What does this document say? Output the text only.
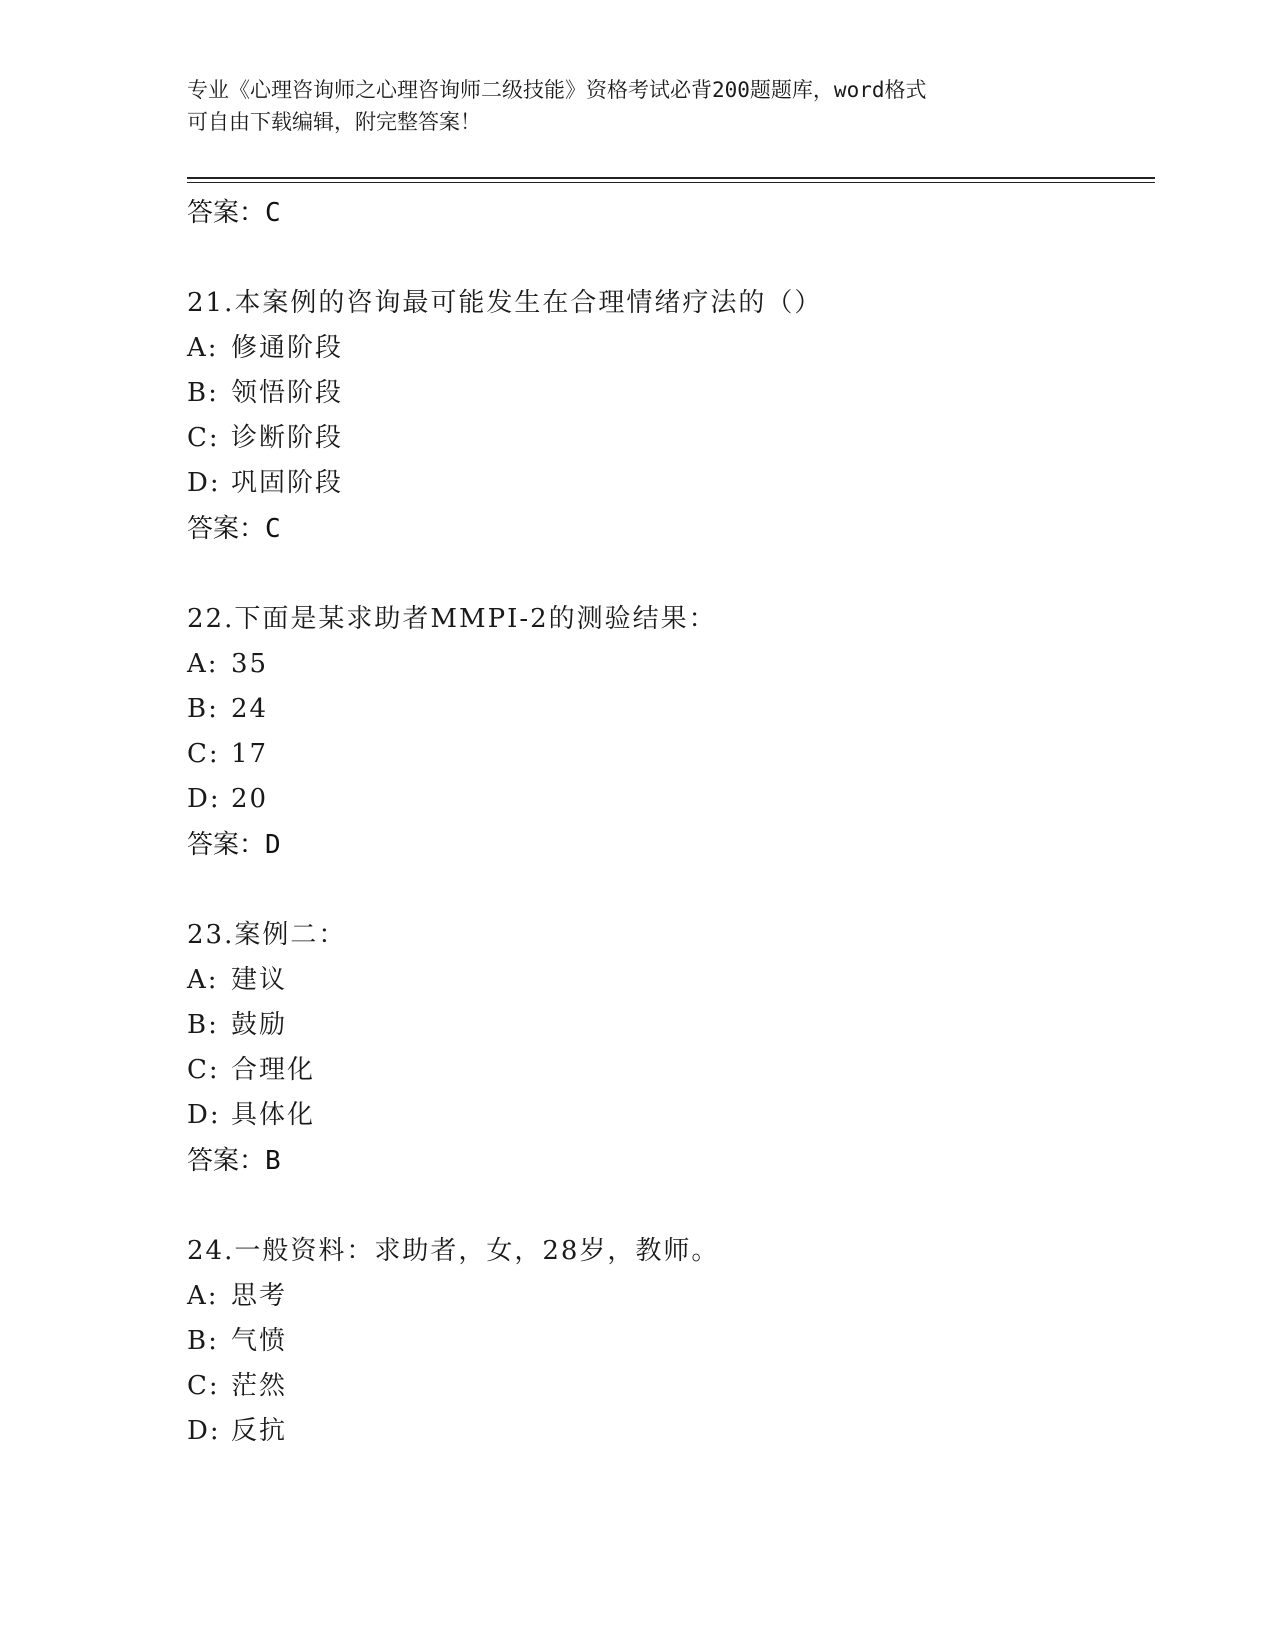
专业《心理咨询师之心理咨询师二级技能》资格考试必背200题题库，word格式
可自由下载编辑，附完整答案！
答案：C
21.本案例的咨询最可能发生在合理情绪疗法的（）
A: 修通阶段
B: 领悟阶段
C: 诊断阶段
D: 巩固阶段
答案：C
22.下面是某求助者MMPI-2的测验结果：
A: 35
B: 24
C: 17
D: 20
答案：D
23.案例二：
A: 建议
B: 鼓励
C: 合理化
D: 具体化
答案：B
24.一般资料：求助者，女，28岁，教师。
A: 思考
B: 气愤
C: 茫然
D: 反抗
